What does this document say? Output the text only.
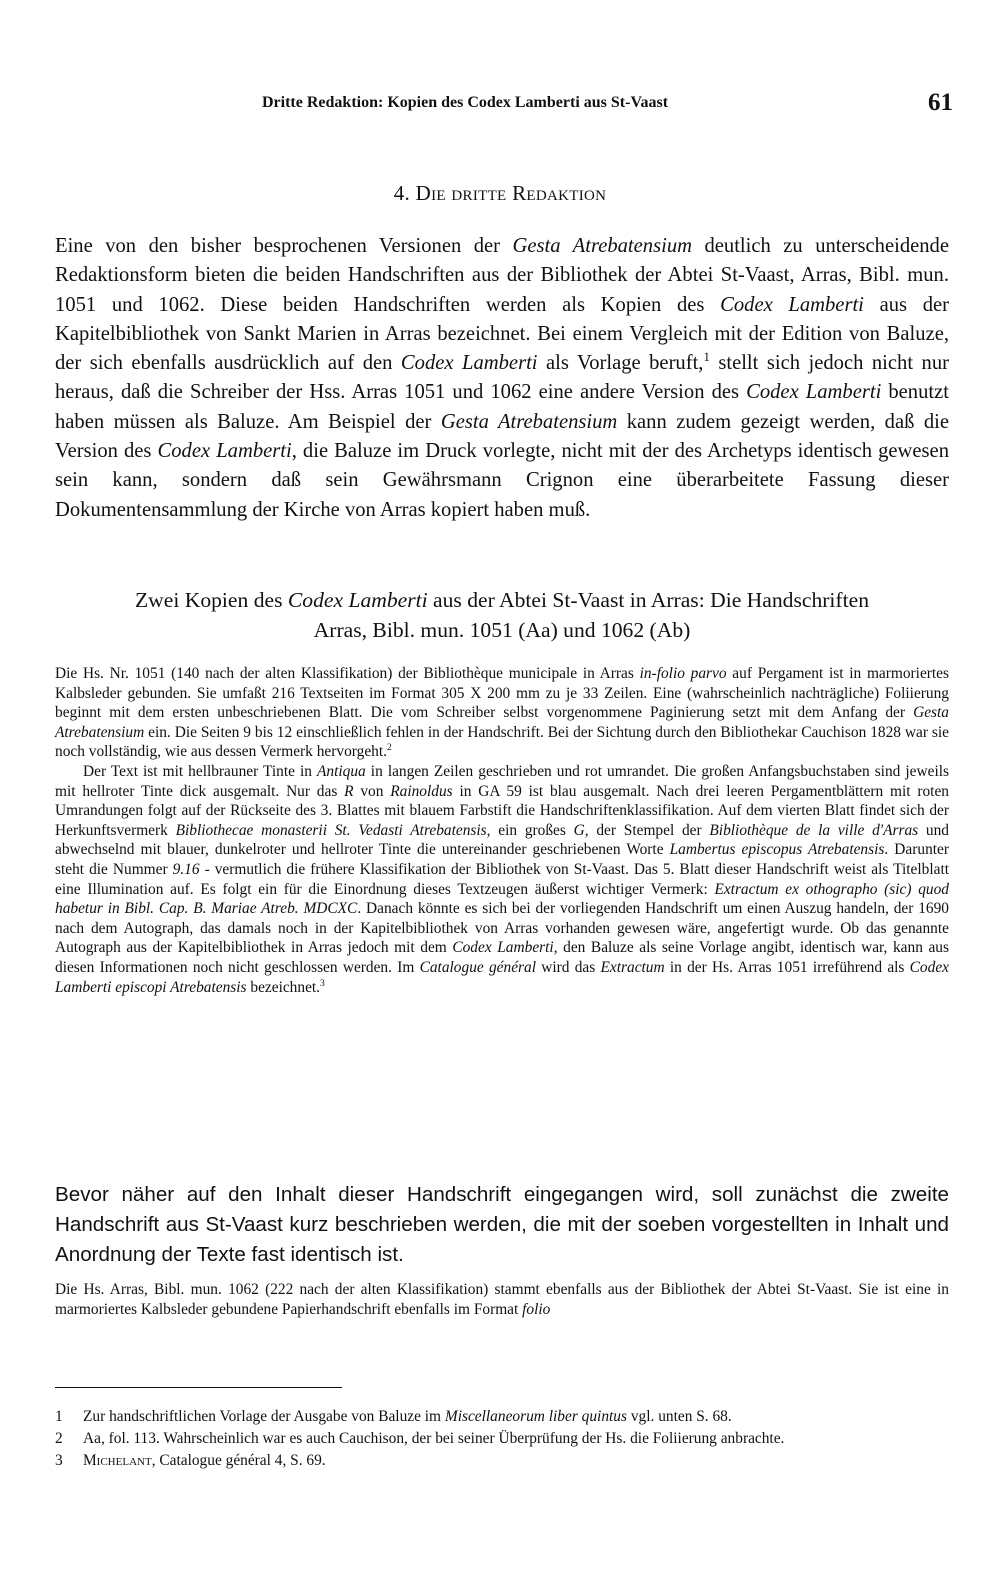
Dritte Redaktion: Kopien des Codex Lamberti aus St-Vaast	61
4. Die dritte Redaktion
Eine von den bisher besprochenen Versionen der Gesta Atrebatensium deutlich zu unterscheidende Redaktionsform bieten die beiden Handschriften aus der Bibliothek der Abtei St-Vaast, Arras, Bibl. mun. 1051 und 1062. Diese beiden Handschriften werden als Kopien des Codex Lamberti aus der Kapitelbibliothek von Sankt Marien in Arras bezeichnet. Bei einem Vergleich mit der Edition von Baluze, der sich ebenfalls ausdrücklich auf den Codex Lamberti als Vorlage beruft,$^1$ stellt sich jedoch nicht nur heraus, daß die Schreiber der Hss. Arras 1051 und 1062 eine andere Version des Codex Lamberti benutzt haben müssen als Baluze. Am Beispiel der Gesta Atrebatensium kann zudem gezeigt werden, daß die Version des Codex Lamberti, die Baluze im Druck vorlegte, nicht mit der des Archetyps identisch gewesen sein kann, sondern daß sein Gewährsmann Crignon eine überarbeitete Fassung dieser Dokumentensammlung der Kirche von Arras kopiert haben muß.
Zwei Kopien des Codex Lamberti aus der Abtei St-Vaast in Arras: Die Handschriften
Arras, Bibl. mun. 1051 (Aa) und 1062 (Ab)

Die Hs. Nr. 1051 (140 nach der alten Klassifikation) der Bibliothèque municipale in Arras in-folio parvo auf Pergament ist in marmoriertes Kalbsleder gebunden. Sie umfaßt 216 Textseiten im Format 305 X 200 mm zu je 33 Zeilen. Eine (wahrscheinlich nachträgliche) Foliierung beginnt mit dem ersten unbeschriebenen Blatt. Die vom Schreiber selbst vorgenommene Paginierung setzt mit dem Anfang der Gesta Atrebatensium ein. Die Seiten 9 bis 12 einschließlich fehlen in der Handschrift. Bei der Sichtung durch den Bibliothekar Cauchison 1828 war sie noch vollständig, wie aus dessen Vermerk hervorgeht.$^2$

Der Text ist mit hellbrauner Tinte in Antiqua in langen Zeilen geschrieben und rot umrandet. Die großen Anfangsbuchstaben sind jeweils mit hellroter Tinte dick ausgemalt. Nur das R von Rainoldus in GA 59 ist blau ausgemalt. Nach drei leeren Pergamentblättern mit roten Umrandungen folgt auf der Rückseite des 3. Blattes mit blauem Farbstift die Handschriftenklassifikation. Auf dem vierten Blatt findet sich der Herkunftsvermerk Bibliothecae monasterii St. Vedasti Atrebatensis, ein großes G, der Stempel der Bibliothèque de la ville d'Arras und abwechselnd mit blauer, dunkelroter und hellroter Tinte die untereinander geschriebenen Worte Lambertus episcopus Atrebatensis. Darunter steht die Nummer 9.16 - vermutlich die frühere Klassifikation der Bibliothek von St-Vaast. Das 5. Blatt dieser Handschrift weist als Titelblatt eine Illumination auf. Es folgt ein für die Einordnung dieses Textzeugen äußerst wichtiger Vermerk: Extractum ex othographo (sic) quod habetur in Bibl. Cap. B. Mariae Atreb. MDCXC. Danach könnte es sich bei der vorliegenden Handschrift um einen Auszug handeln, der 1690 nach dem Autograph, das damals noch in der Kapitelbibliothek von Arras vorhanden gewesen wäre, angefertigt wurde. Ob das genannte Autograph aus der Kapitelbibliothek in Arras jedoch mit dem Codex Lamberti, den Baluze als seine Vorlage angibt, identisch war, kann aus diesen Informationen noch nicht geschlossen werden. Im Catalogue général wird das Extractum in der Hs. Arras 1051 irreführend als Codex Lamberti episcopi Atrebatensis bezeichnet.$^3$

Bevor näher auf den Inhalt dieser Handschrift eingegangen wird, soll zunächst die zweite Handschrift aus St-Vaast kurz beschrieben werden, die mit der soeben vorgestellten in Inhalt und Anordnung der Texte fast identisch ist.

Die Hs. Arras, Bibl. mun. 1062 (222 nach der alten Klassifikation) stammt ebenfalls aus der Bibliothek der Abtei St-Vaast. Sie ist eine in marmoriertes Kalbsleder gebundene Papierhandschrift ebenfalls im Format folio

1 Zur handschriftlichen Vorlage der Ausgabe von Baluze im Miscellaneorum liber quintus vgl. unten S. 68.
2 Aa, fol. 113. Wahrscheinlich war es auch Cauchison, der bei seiner Überprüfung der Hs. die Foliierung anbrachte.
3 Michelant, Catalogue général 4, S. 69.
